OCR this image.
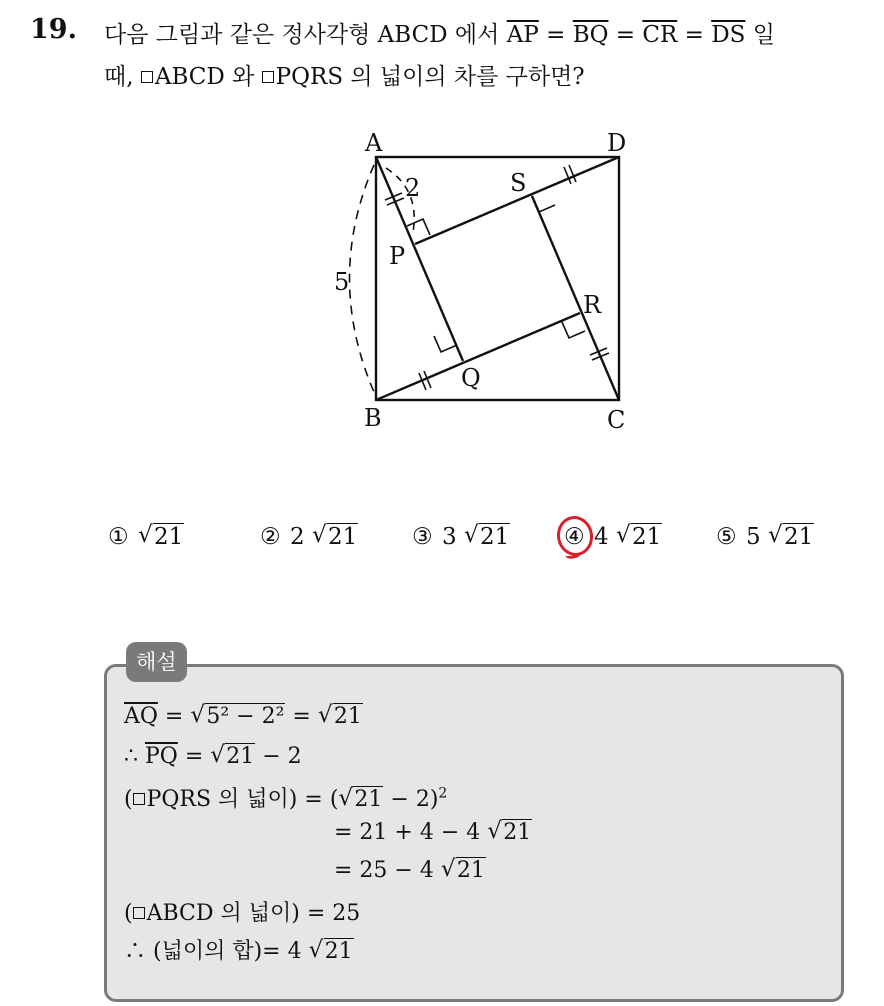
19. 다음 그림과 같은 정사각형 ABCD 에서 $\overline{AP} = \overline{BQ} = \overline{CR} = \overline{DS}$ 일
때, ABCD 와 PQRS 의 넓이의 차를 구하면?
A
B	C
D
P
Q
R
S
5
2
① √ 21	② 2 √ 21 ③ 3 √ 21 ④ 4 √ 21 ⑤ 5 √ 21
해설
$\overline{AQ}$ = √ 5² − 2² = √ 21
∴ $\overline{PQ}$ = √ 21 − 2
( PQRS 의 넓이) = ( √ 21 − 2)$^2$
= 21 + 4 − 4 √ 21
= 25 − 4 √ 21
( ABCD 의 넓이) = 25
∴ (넓이의 합)= 4 √ 21
